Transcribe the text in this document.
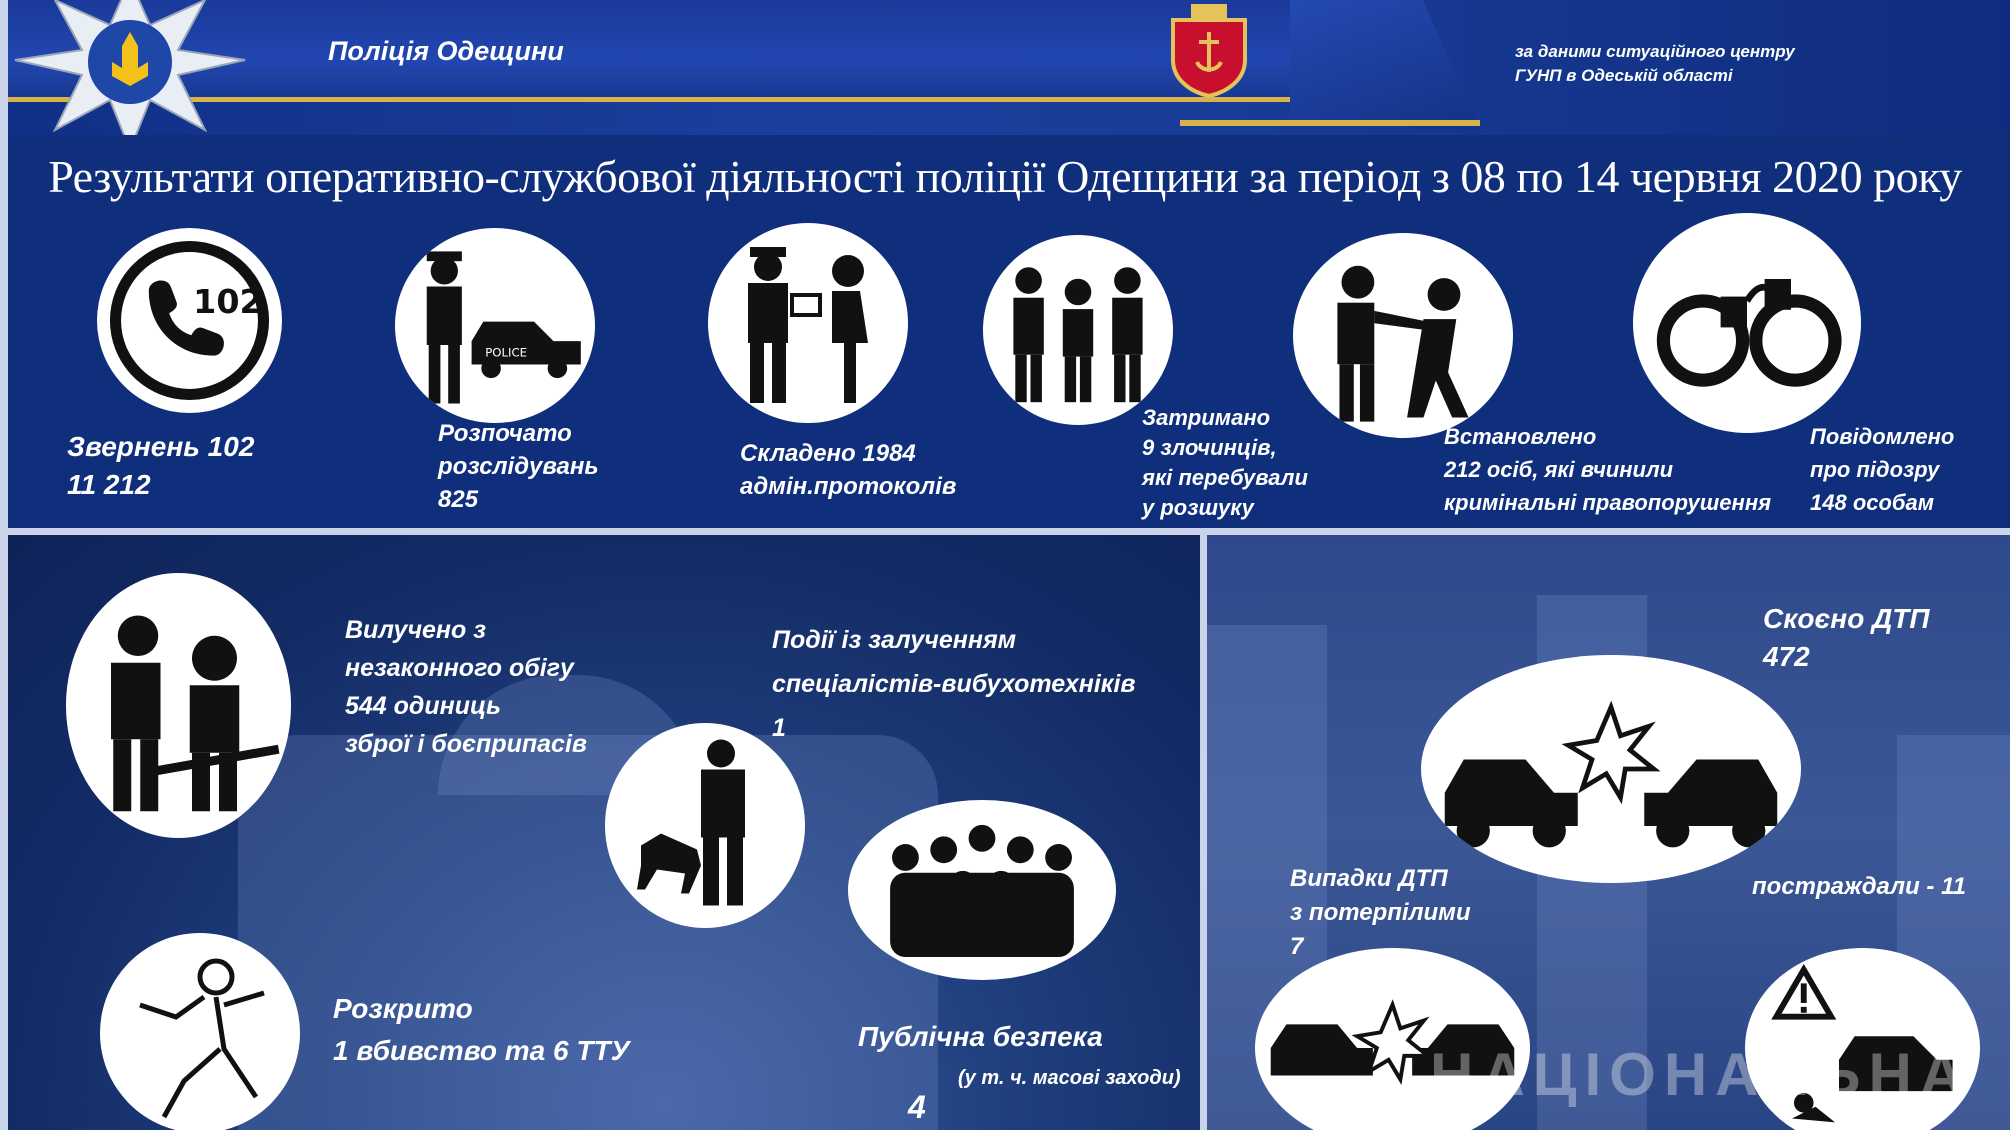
Поліція Одещини	за даними ситуаційного центру
ГУНП в Одеській області
Результати оперативно-службової діяльності поліції Одещини за період з 08 по 14 червня 2020 року
102
POLICE
Звернень 102
11 212
Розпочато
розслідувань
825
Складено 1984
адмін.протоколів
Затримано
9 злочинців,
які перебували
у розшуку
Встановлено
212 осіб, які вчинили
кримінальні правопорушення
Повідомлено
про підозру
148 особам
Вилучено з
незаконного обігу
544 одиниць
зброї і боєприпасів
Події із залученням
спеціалістів-вибухотехніків
1
Розкрито
1 вбивство та 6 ТТУ	Публічна безпека
(у т. ч. масові заходи)
4
Скоєно ДТП
472
Випадки ДТП
з потерпілими
7
постраждали - 11
НАЦІОНАЛЬНА
